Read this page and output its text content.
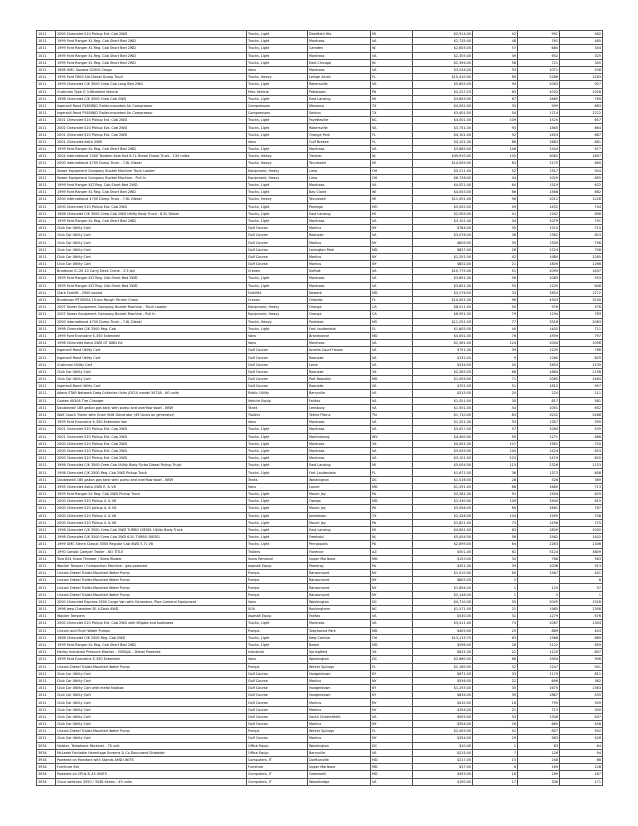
1011	2000 Chevrolet S10 Pickup Ext. Cab 2WD	Trucks, Light	Deerfield Hts	MI	$2,914.00	42	991	562
1011	1999 Ford Ranger XL Reg. Cab Short Bed 2WD	Trucks, Light	Montross	VA	$2,735.00	48	761	485
1011	1999 Ford Ranger XL Reg. Cab Short Bed 2WD	Trucks, Light	Camden	NJ	$2,605.00	57	680	344
1011	1999 Ford Ranger XL Reg. Cab Short Bed 2WD	Trucks, Light	Montross	VA	$2,305.00	49	652	325
1011	1999 Ford Ranger XL Reg. Cab Short Bed 2WD	Trucks, Light	East Chicago	IN	$2,394.00	58	721	345
1011	1998 GMC Savana G2500 Cargo	Vans	Montross	VA	$3,244.00	53	1071	538
1011	1995 Ford F800 S/A Diesel Dump Truck	Trucks, Heavy	Lehigh Acres	FL	$10,410.00	89	2286	1283
1011	1999 Chevrolet C/K 3500 Crew Cab Long Bed 2WD	Trucks, Light	Robersville	VA	$5,605.00	94	2083	927
1011	Cushman Type G 3-Wheeled Vehicle	Misc Vehicle	Pottstown	PA	$2,227.23	63	1032	1026
1011	1998 Chevrolet C/K 3500 Crew Cab 2WD	Trucks, Light	East Lansing	MI	$3,805.00	87	1665	769
1011	Ingersoll Rand P185WJD Trailer-mounted Air Compressor	Compressors	Menasco	TX	$4,502.00	33	999	663
1011	Ingersoll Rand P185WJD Trailer-mounted Air Compressor	Compressors	Sexton	TX	$3,401.00	54	1714	1222
1011	2001 Chevrolet S10 Pickup Ext. Cab 2WD	Trucks, Light	Fayetteville	NC	$4,001.00	109	1520	657
1011	2002 Chevrolet S10 Pickup Ext. Cab 2WD	Trucks, Light	Robersville	VA	$3,751.00	93	1865	864
1011	2001 Chevrolet S10 Pickup Ext. Cab 2WD	Trucks, Light	Orange Park	FL	$4,101.00	92	1453	687
1011	2001 Chevrolet Astro 2WD	Vans	Gulf Breeze	FL	$4,101.00	86	1683	881
1011	1999 Ford Ranger XL Reg. Cab Short Bed 2WD	Trucks, Light	Montross	VA	$3,885.00	146	1544	677
1011	2004 International 7400 Tandem Axle 6x4 8.7L Diesel Dump Truck - 135 miles	Trucks, Heavy	Trenton	NJ	$49,910.00	105	3082	1697
1011	2000 International 4700 Dump Truck - 7.6L Diesel	Trucks, Heavy	Tecumseh	MI	$14,005.00	83	1170	660
1011	Sewer Equipment Company Bucket Machine Truck Loader	Equipment, Heavy	Lima	OH	$5,211.00	52	1317	924
1011	Sewer Equipment Company Bucket Machine - Pull In	Equipment, Heavy	Lima	OH	$6,726.00	44	1029	655
1011	1999 Ford Ranger XLT Reg. Cab Short Bed 2WD	Trucks, Light	Montross	VA	$4,021.00	64	1319	622
1011	1999 Ford Ranger XL Reg. Cab Short Bed 2WD	Trucks, Light	Bay Claire	WI	$4,003.00	86	1568	662
1011	2000 International 4700 Dump Truck - 7.6L Diesel	Trucks, Heavy	Tecumseh	MI	$11,001.00	96	2012	1226
1011	2000 Chevrolet S10 Pickup Ext. Cab 2WD	Trucks, Light	Pantego	MO	$3,502.00	49	1452	744
1011	1998 Chevrolet C/K 3500 Crew Cab 2WD Utility Body Truck - 6.5L Diesel	Trucks, Light	East Lansing	MI	$2,005.00	41	1342	896
1011	1999 Ford Ranger XL Reg. Cab Short Bed 2WD	Trucks, Light	Montross	VA	$3,101.00	44	1079	791
1011	Club Car Utility Cart	Golf Course	Marilus	NY	$784.00	35	1210	715
1011	Club Car Utility Cart	Golf Course	Roanoke	VA	$3,076.00	38	1362	823
1011	Club Car Utility Cart	Golf Course	Marilus	NY	$809.00	35	1300	796
1011	Club Car Utility Cart	Golf Course	Lexington Park	MD	$827.00	28	1324	708
1011	Club Car Utility Cart	Golf Course	Marilus	NY	$1,251.00	42	1980	1285
1011	Club Car Utility Cart	Golf Course	Marilus	NY	$802.00	21	1805	1266
1011	Brodenon IC-20 10 Carry Deck Crane - 2.5 ton	Cranes	Suffolk	VA	$10,775.00	51	2099	1497
1011	1999 Ford Ranger XLT Reg. Cab Short Bed 2WD	Trucks, Light	Montross	VA	$3,601.00	56	1085	553
1011	1999 Ford Ranger XLT Reg. Cab Short Bed 2WD	Trucks, Light	Montross	VA	$3,601.00	55	1205	648
1011	Clark Forklift - 2900 pound	Forklifts	Newark	MD	$3,276.00	33	1853	1272
1011	Broderson RT300SA 15-ton Rough Terrain Crane	Cranes	Orlando	FL	$14,001.00	96	4343	3230
1011	2007 Sewer Equipment Company Bucket Machine - Truck Loader	Equipment, Heavy	Orange	CA	$8,011.00	50	976	576
1011	2007 Sewer Equipment Company Bucket Machine - Pull In	Equipment, Heavy	Orange	CA	$6,951.00	79	1294	783
1011	2000 International 4700 Dump Truck - 7.6L Diesel	Trucks, Heavy	Pontotoc	MS	$11,251.00	77	3316	2063
1011	1998 Chevrolet C/K 2500 Reg. Cab	Trucks, Light	Fort Lauderdale	FL	$1,805.00	40	1402	711
1011	1999 Ford Econoline E-350 Extended	Vans	Brandywine	MD	$4,001.00	76	1959	797
1011	1996 Chevrolet Astro 2WD GT AWD Ed	Vans	Montross	VA	$2,561.00	124	2004	1098
1011	Ingersoll Rand Utility Cart	Golf Course	Amelia Court House	VA	$751.00	39	1205	786
1011	Ingersoll Rand Utility Cart	Golf Course	Roanoke	VA	$132.00	9	1260	825
1011	Cushman Utility Cart	Golf Course	Lesle	VA	$334.00	40	1653	1135
1011	Club Car Utility Cart	Golf Course	Roanoke	VA	$2,305.00	68	1884	1156
1011	Club Car Utility Cart	Golf Course	Port Republic	MD	$1,004.00	71	2065	1464
1011	Ingersoll-Rand Utility Cart	Golf Course	Roanoke	VA	$701.00	51	1812	997
1011	Adera STAR Network Data Collector Units (DCU) model 3473A - 60 units	Public Utility	Berryville	VA	$315.00	20	224	211
1011	Coates 4050A Tire Changer	Vehicle Equip	Fairfax	VA	$1,051.00	30	817	581
1011	Doublewall 185 gallon gas tank with pump and overflow bowl - NEW	Tanks	Leesburg	VA	$1,501.00	44	1001	602
1011	Wolf Coach Trailer with Onan 5kW Generator (49 hours on generator)	Trailers	Tellico Plains	TN	$1,710.00	83	3202	2488
1011	1999 Ford Econoline E-350 Extended Van	Vans	Montross	VA	$1,251.00	53	1357	595
1011	2001 Chevrolet S10 Pickup Ext. Cab 2WD	Trucks, Light	Montross	VA	$3,027.00	57	1084	535
1011	2001 Chevrolet S10 Pickup Ext. Cab 2WD	Trucks, Light	Martinsburg	WV	$4,400.00	59	1271	688
1011	2000 Chevrolet S10 Pickup Ext. Cab 2WD	Trucks, Light	Montross	VA	$4,501.00	107	1561	720
1011	2000 Chevrolet S10 Pickup Ext. Cab 2WD	Trucks, Light	Montross	VA	$3,005.00	145	1424	653
1011	2000 Chevrolet S10 Pickup Ext. Cab 2WD	Trucks, Light	Montross	VA	$3,101.00	123	1474	620
1011	1998 Chevrolet C/K 3500 Crew Cab Utility Body Turbo Diesel Pickup Truck	Trucks, Light	East Lansing	MI	$5,004.00	115	2326	1153
1011	1998 Chevrolet C/K 2500 Reg. Cab 2WD Pickup Truck	Trucks, Light	Fort Lauderdale	FL	$1,671.00	36	1373	608
1011	Doublewall 185 gallon gas tank with pump and overflow bowl - NEW	Tanks	Washington	DC	$1,016.00	28	326	389
1011	1995 Chevrolet Astro 2WD E. & V6	Vans	Laurel	MD	$1,251.00	88	1680	713
1011	1999 Ford Ranger XL Reg. Cab 2WD Pickup Truck	Trucks, Light	Mount Joy	PA	$2,281.00	91	1504	625
1011	2000 Chevrolet S10 Pickup 4. & V6	Trucks, Light	Owego	MD	$3,330.00	109	1900	815
1011	2000 Chevrolet S10 pickup 4. & V6	Trucks, Light	Mount Joy	PA	$3,958.00	89	1681	787
1011	2000 Chevrolet S10 Pickup 4. & V6	Trucks, Light	Jonestown	TX	$2,426.00	104	1595	708
1011	2000 Chevrolet S10 Pickup 4. & V6	Trucks, Light	Mount Joy	PA	$1,821.00	73	1456	725
1011	1998 Chevrolet C/K 3500 Crew Cab 2WD TURBO DIESEL Utility Body Truck	Trucks, Light	East Lansing	MI	$4,601.00	63	1809	1092
1011	1998 Chevrolet C/K 3500 Crew Cab 2WD 6.5L TURBO DIESEL	Trucks, Light	Freehold	NJ	$5,004.00	56	2562	1402
1011	1999 GMC Sierra Classic 3500 Regular Cab 4WD 5.7L V8	Trucks, Light	Perrpopolis	PA	$2,899.00	64	2263	1306
1011	1990 Carolla Camper Trailer - NO TITLE	Trailers	Florence	AZ	$501.00	61	5124	3809
1011	Toro 824 Snow Thrower / Snow Blower	Snow Removal	Upper Marlboro	MD	$153.00	30	768	563
1011	Wacker Tamper / Compaction Machine - gas-powered	Asphalt Equip	Pomeroy	PA	$351.00	39	1036	913
1011	Lincoln Diesel Trailer-Mounted Water Pump	Pumps	Ransomvort	NY	$1,010.00	60	1587	401
1011	Lincoln Diesel Trailer-Mounted Water Pump	Pumps	Ransomvort	NY	$805.00	2		6
1011	Lincoln Diesel Trailer-Mounted Water Pump	Pumps	Ransomvort	NY	$1,654.20	1	123	97
1011	Lincoln Diesel Trailer-Mounted Water Pump	Pumps	Ransomvort	NY	$2,148.00	1	5	1
1011	2000 Chevrolet Express 2500 Cargo Van with Generator, Pipe Cameral Equipment	Vans	Washington	DC	$4,710.00	55	2005	1328
1011	1996 Jeep Cherokee SE 4-Door 4WD	SUV	Rockingham	NC	$1,571.00	21	1985	1308
1011	Wacker Tampers	Asphalt Equip	Fairfax	VA	$530.00	31	1279	676
1011	2000 Chevrolet S10 Pickup Ext. Cab 2WD with liftgate and toolboxes	Trucks, Light	Montross	VA	$3,411.00	73	2087	1304
1011	Lincoln and Finch Water Pumps	Pumps	Tobyhanna Park	MD	$405.00	25	889	403
1011	1998 Chevrolet C/K 2500 Reg. Cab 2WD	Trucks, Light	New Carlisle	OH	$13,115.75	63	1366	689
1011	1999 Ford Ranger XL Reg. Cab Short Bed 2WD	Trucks, Light	Bowie	MD	$598.00	28	1122	659
1011	Harley Industrial Pressure Washer - 3000psi - Diesel Powered	Industrial	Springfield	VA	$631.00	22	1120	847
1011	1999 Ford Econoline E-350 Extended	Vans	Washington	DC	$2,660.00	68	1904	906
1011	Lincoln Diesel Trailer-Mounted Water Pump	Pumps	Winter Springs	FL	$2,180.00	32	1247	941
1011	Club Car Utility Cart	Golf Course	Hodgentown	KY	$671.00	33	1170	811
1011	Club Car Utility Cart	Golf Course	Marilus	NY	$556.00	22	696	362
1011	Club Car Utility Cart with metal toolbox	Golf Course	Hodgentown	KY	$1,255.00	35	1675	1363
1011	Club Car Utility Cart	Golf Course	Hodgentown	KY	$834.00	39	1887	535
1011	Club Car Utility Cart	Golf Course	Marilus	NY	$410.00	16	795	549
1011	Club Car Utility Cart	Golf Course	Marilus	NY	$354.00	21	715	500
1011	Club Car Utility Cart	Golf Course	South Chesterfield	VA	$905.00	53	1308	837
1011	Club Car Utility Cart	Golf Course	Marilus	NY	$354.00	26	665	456
1011	Lincoln Diesel Trailer-Mounted Water Pump	Pumps	Winter Springs	FL	$2,405.00	41	857	592
1011	Club Car Utility Cart	Golf Course	Marilus	NY	$354.00	29	583	426
3934	Holster, Telephone Receiver - 75 unit	Office Equip	Washington	DC	$10.00	1	83	64
3934	McLeam Fortiable Hermitage Screens & Co Document Shredder	Office Equip	Berryville	VA	$215.00	7	126	94
3934	Powered on Monitors with Stands AMD UNITS	Computers, IT	Dorttonville	MD	$217.00	15	248	86
3934	Furniture Set	Furniture	Upper Marlboro	MD	$37.00	6	169	128
3934	Powered on CPUs & 43 UNITS	Computers, IT	Greenbelt	MD	$455.00	18	269	167
3934	Cisco switches 3550 / 3548 Series - 45 units	Computers, IT	Woodbridge	VA	$190.00	17	306	171
